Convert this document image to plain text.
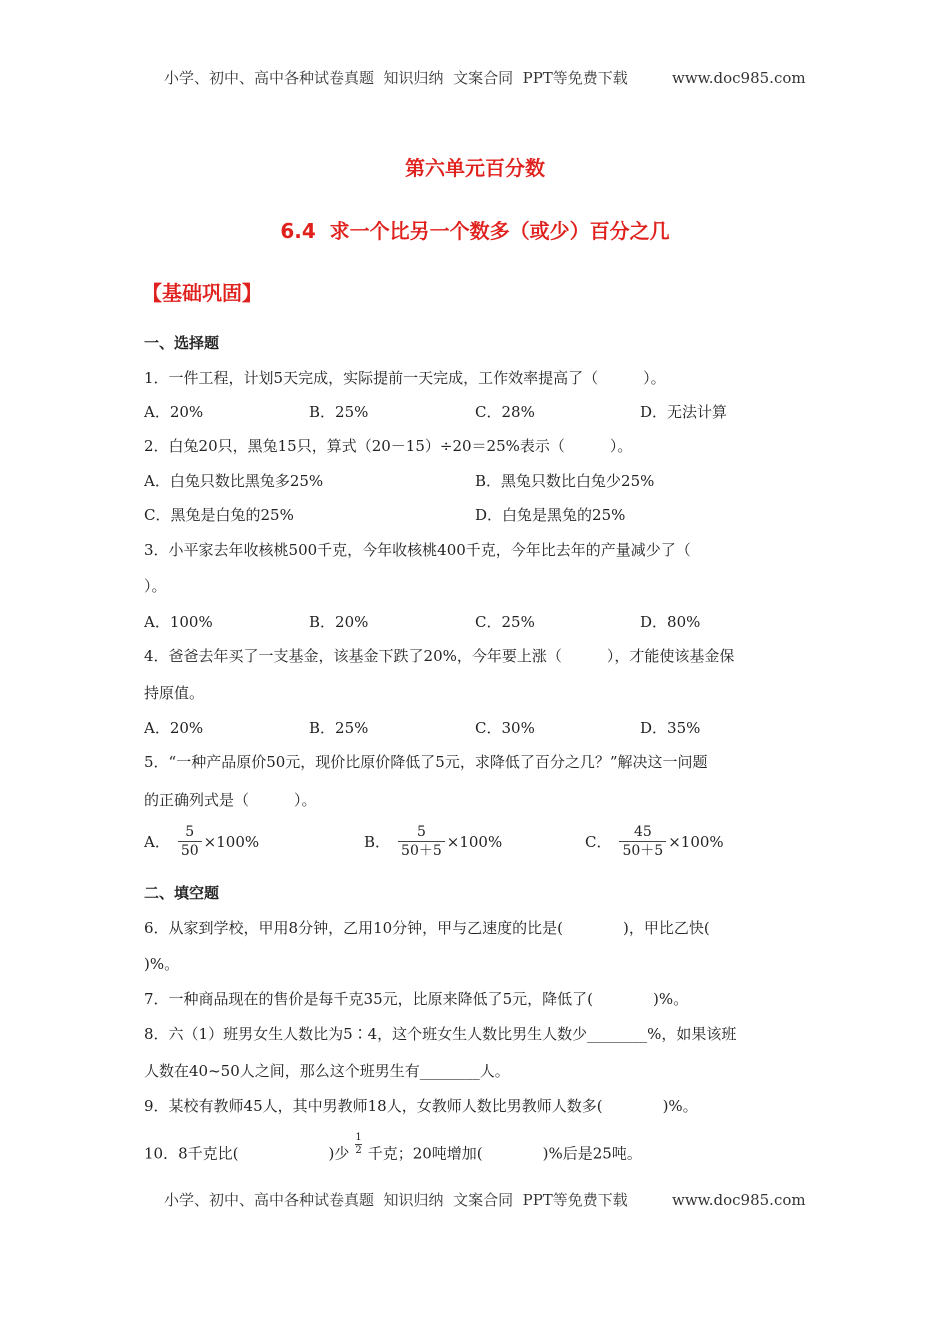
小学、初中、高中各种试卷真题  知识归纳  文案合同  PPT等免费下载	www.doc985.com
第六单元百分数
6.4  求一个比另一个数多（或少）百分之几
【基础巩固】
一、选择题
1．一件工程，计划5天完成，实际提前一天完成，工作效率提高了（　　　）。
A．20%	B．25%	C．28%	D．无法计算
2．白兔20只，黑兔15只，算式（20－15）÷20＝25%表示（　　　）。
A．白兔只数比黑兔多25%	B．黑兔只数比白兔少25%
C．黑兔是白兔的25%	D．白兔是黑兔的25%
3．小平家去年收核桃500千克，今年收核桃400千克，今年比去年的产量减少了（
）。
A．100%	B．20%	C．25%	D．80%
4．爸爸去年买了一支基金，该基金下跌了20%，今年要上涨（　　　），才能使该基金保
持原值。
A．20%	B．25%	C．30%	D．35%
5．“一种产品原价50元，现价比原价降低了5元，求降低了百分之几？”解决这一问题
的正确列式是（　　　）。
A． $\frac{5}{50} \times 100\%$	B． $\frac{5}{50+5} \times 100\%$	C． $\frac{45}{50+5} \times 100\%$
二、填空题
6．从家到学校，甲用8分钟，乙用10分钟，甲与乙速度的比是(　　　　)，甲比乙快(
)%。
7．一种商品现在的售价是每千克35元，比原来降低了5元，降低了(　　　　)%。
8．六（1）班男女生人数比为5∶4，这个班女生人数比男生人数少________%，如果该班
人数在40~50人之间，那么这个班男生有________人。
9．某校有教师45人，其中男教师18人，女教师人数比男教师人数多(　　　　)%。
10．8千克比(　　　　　　)少 $\frac{1}{2}$ 千克；20吨增加(　　　　)%后是25吨。
小学、初中、高中各种试卷真题  知识归纳  文案合同  PPT等免费下载	www.doc985.com
